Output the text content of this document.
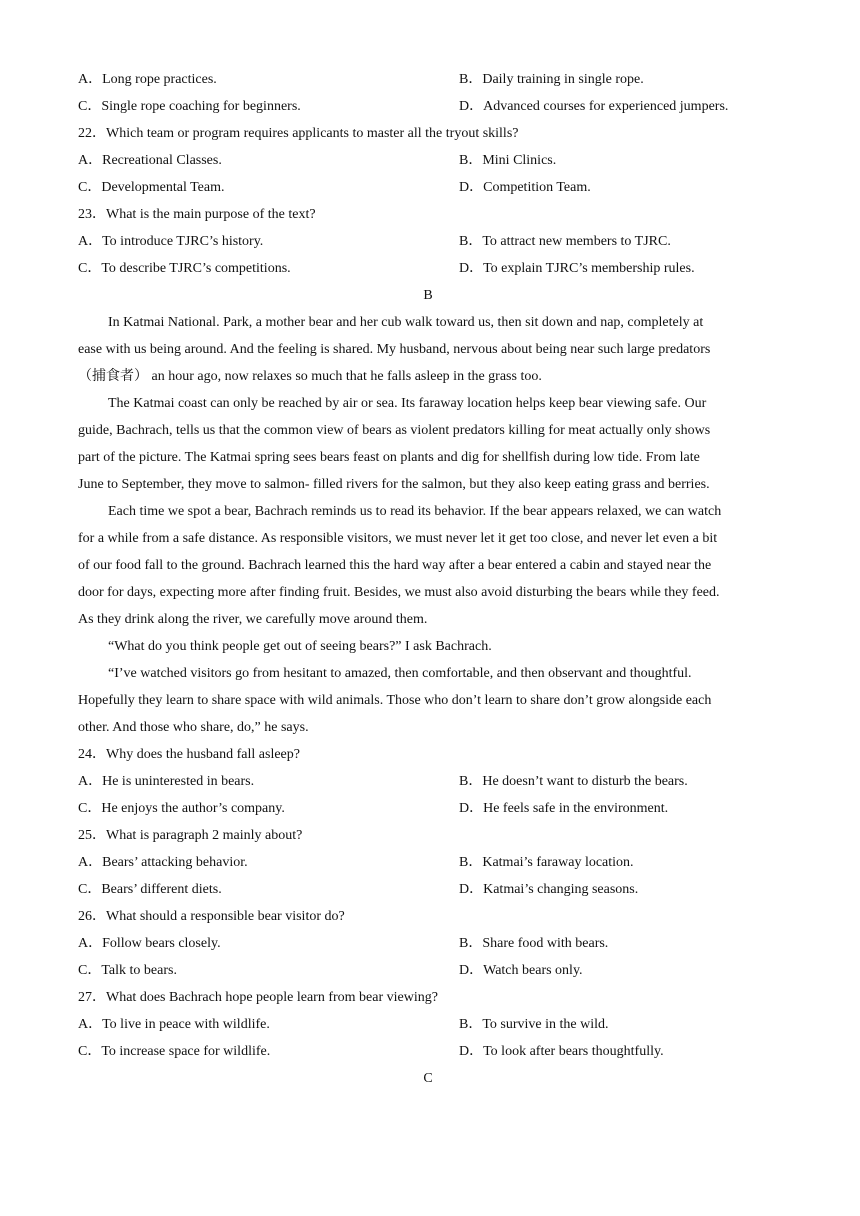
A．Long rope practices.	B．Daily training in single rope.
C．Single rope coaching for beginners.	D．Advanced courses for experienced jumpers.
22．Which team or program requires applicants to master all the tryout skills?
A．Recreational Classes.	B．Mini Clinics.
C．Developmental Team.	D．Competition Team.
23．What is the main purpose of the text?
A．To introduce TJRC’s history.	B．To attract new members to TJRC.
C．To describe TJRC’s competitions.	D．To explain TJRC’s membership rules.
B
In Katmai National. Park, a mother bear and her cub walk toward us, then sit down and nap, completely at
ease with us being around. And the feeling is shared. My husband, nervous about being near such large predators
（捕食者） an hour ago, now relaxes so much that he falls asleep in the grass too.
The Katmai coast can only be reached by air or sea. Its faraway location helps keep bear viewing safe. Our
guide, Bachrach, tells us that the common view of bears as violent predators killing for meat actually only shows
part of the picture. The Katmai spring sees bears feast on plants and dig for shellfish during low tide. From late
June to September, they move to salmon- filled rivers for the salmon, but they also keep eating grass and berries.
Each time we spot a bear, Bachrach reminds us to read its behavior. If the bear appears relaxed, we can watch
for a while from a safe distance. As responsible visitors, we must never let it get too close, and never let even a bit
of our food fall to the ground. Bachrach learned this the hard way after a bear entered a cabin and stayed near the
door for days, expecting more after finding fruit. Besides, we must also avoid disturbing the bears while they feed.
As they drink along the river, we carefully move around them.
“What do you think people get out of seeing bears?” I ask Bachrach.
“I’ve watched visitors go from hesitant to amazed, then comfortable, and then observant and thoughtful.
Hopefully they learn to share space with wild animals. Those who don’t learn to share don’t grow alongside each
other. And those who share, do,” he says.
24．Why does the husband fall asleep?
A．He is uninterested in bears.	B．He doesn’t want to disturb the bears.
C．He enjoys the author’s company.	D．He feels safe in the environment.
25．What is paragraph 2 mainly about?
A．Bears’ attacking behavior.	B．Katmai’s faraway location.
C．Bears’ different diets.	D．Katmai’s changing seasons.
26．What should a responsible bear visitor do?
A．Follow bears closely.	B．Share food with bears.
C．Talk to bears.	D．Watch bears only.
27．What does Bachrach hope people learn from bear viewing?
A．To live in peace with wildlife.	B．To survive in the wild.
C．To increase space for wildlife.	D．To look after bears thoughtfully.
C
